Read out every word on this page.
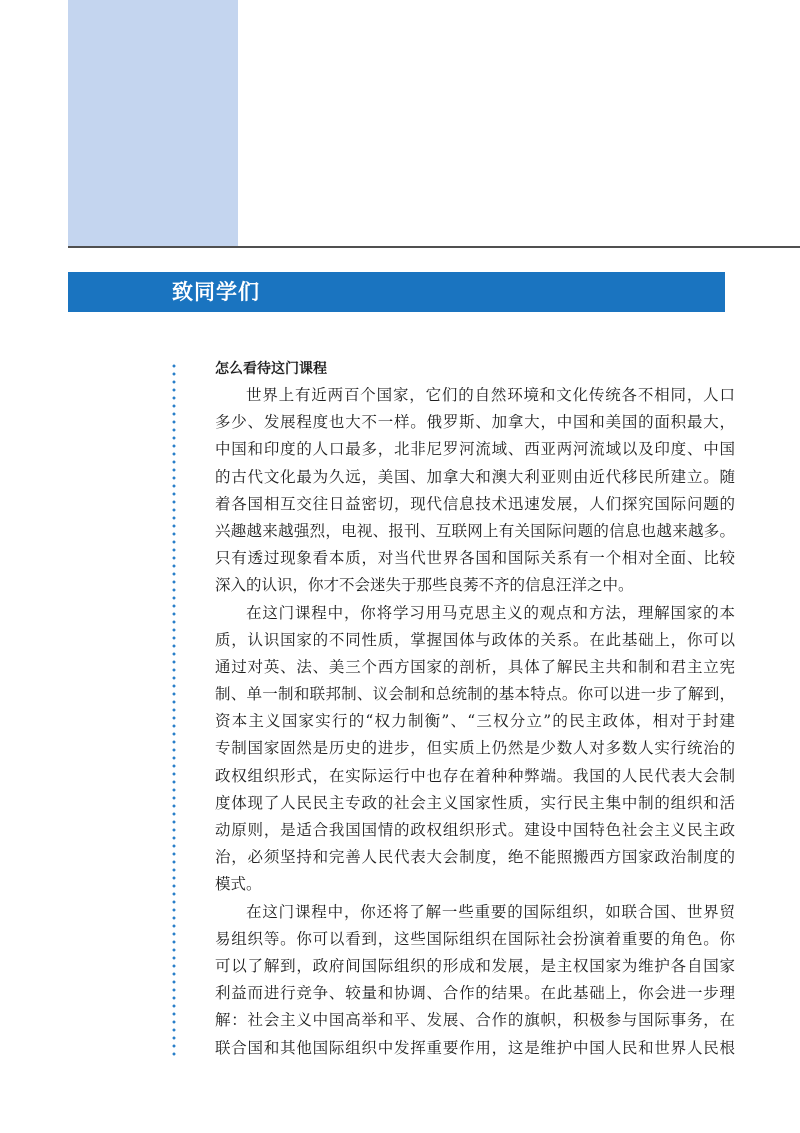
致同学们
怎么看待这门课程
世界上有近两百个国家，它们的自然环境和文化传统各不相同，人口
多少、发展程度也大不一样。俄罗斯、加拿大，中国和美国的面积最大，
中国和印度的人口最多，北非尼罗河流域、西亚两河流域以及印度、中国
的古代文化最为久远，美国、加拿大和澳大利亚则由近代移民所建立。随
着各国相互交往日益密切，现代信息技术迅速发展，人们探究国际问题的
兴趣越来越强烈，电视、报刊、互联网上有关国际问题的信息也越来越多。
只有透过现象看本质，对当代世界各国和国际关系有一个相对全面、比较
深入的认识，你才不会迷失于那些良莠不齐的信息汪洋之中。
在这门课程中，你将学习用马克思主义的观点和方法，理解国家的本
质，认识国家的不同性质，掌握国体与政体的关系。在此基础上，你可以
通过对英、法、美三个西方国家的剖析，具体了解民主共和制和君主立宪
制、单一制和联邦制、议会制和总统制的基本特点。你可以进一步了解到，
资本主义国家实行的“权力制衡”、“三权分立”的民主政体，相对于封建
专制国家固然是历史的进步，但实质上仍然是少数人对多数人实行统治的
政权组织形式，在实际运行中也存在着种种弊端。我国的人民代表大会制
度体现了人民民主专政的社会主义国家性质，实行民主集中制的组织和活
动原则，是适合我国国情的政权组织形式。建设中国特色社会主义民主政
治，必须坚持和完善人民代表大会制度，绝不能照搬西方国家政治制度的
模式。
在这门课程中，你还将了解一些重要的国际组织，如联合国、世界贸
易组织等。你可以看到，这些国际组织在国际社会扮演着重要的角色。你
可以了解到，政府间国际组织的形成和发展，是主权国家为维护各自国家
利益而进行竞争、较量和协调、合作的结果。在此基础上，你会进一步理
解：社会主义中国高举和平、发展、合作的旗帜，积极参与国际事务，在
联合国和其他国际组织中发挥重要作用，这是维护中国人民和世界人民根
